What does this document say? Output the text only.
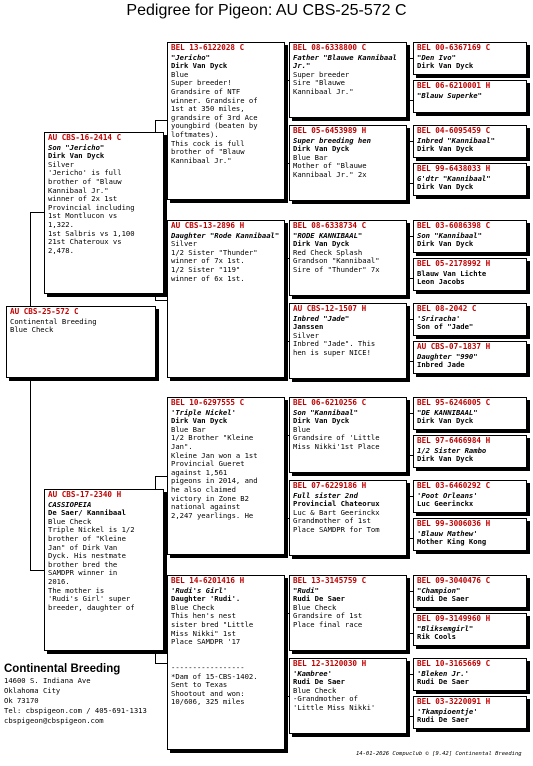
Pedigree for Pigeon: AU CBS-25-572 C
AU CBS-25-572 C
Continental Breeding
Blue Check
AU CBS-16-2414 C
Son "Jericho"
Dirk Van Dyck
Silver
'Jericho' is full
brother of "Blauw
Kannibaal Jr."
winner of 2x 1st
Provincial including
1st Montlucon vs
1,322.
1st Salbris vs 1,100
21st Chateroux vs
2,478.
AU CBS-17-2340 H
CASSIOPEIA
De Saer/ Kannibaal
Blue Check
Triple Nickel is 1/2
brother of "Kleine
Jan" of Dirk Van
Dyck. His nestmate
brother bred the
SAMDPR winner in
2016.
The mother is
'Rudi's Girl' super
breeder, daughter of
BEL 13-6122028 C
"Jericho"
Dirk Van Dyck
Blue
Super breeder!
Grandsire of NTF
winner. Grandsire of
1st at 350 miles,
grandsire of 3rd Ace
youngbird (beaten by
loftmates).
This cock is full
brother of "Blauw
Kannibaal Jr."
AU CBS-13-2896 H
Daughter "Rode Kannibaal"
Silver
1/2 Sister "Thunder"
winner of 7x 1st.
1/2 Sister "119"
winner of 6x 1st.
BEL 10-6297555 C
'Triple Nickel'
Dirk Van Dyck
Blue Bar
1/2 Brother "Kleine
Jan".
Kleine Jan won a 1st
Provincial Gueret
against 1,561
pigeons in 2014, and
he also claimed
victory in Zone B2
national against
2,247 yearlings. He
BEL 14-6201416 H
'Rudi's Girl'
Daughter 'Rudi'.
Blue Check
This hen's nest
sister bred "Little
Miss Nikki" 1st
Place SAMDPR '17

-----------------
*Dam of 15-CBS-1402.
Sent to Texas
Shootout and won:
10/606, 325 miles
BEL 08-6338800 C
Father "Blauwe Kannibaal Jr."
Super breeder
Sire "Blauwe
Kannibaal Jr."
BEL 05-6453989 H
Super breeding hen
Dirk Van Dyck
Blue Bar
Mother of "Blauwe
Kannibaal Jr." 2x
BEL 08-6338734 C
"RODE KANNIBAAL"
Dirk Van Dyck
Red Check Splash
Grandson "Kannibaal"
Sire of "Thunder" 7x
AU CBS-12-1507 H
Inbred "Jade"
Janssen
Silver
Inbred "Jade". This
hen is super NICE!
BEL 06-6210256 C
Son "Kannibaal"
Dirk Van Dyck
Blue
Grandsire of 'Little
Miss Nikki'1st Place
BEL 07-6229186 H
Full sister 2nd
Provincial Chateorux
Luc & Bart Geerinckx
Grandmother of 1st
Place SAMDPR for Tom
BEL 13-3145759 C
"Rudi"
Rudi De Saer
Blue Check
Grandsire of 1st
Place final race
BEL 12-3120030 H
'Kambree'
Rudi De Saer
Blue Check
-Grandmother of
'Little Miss Nikki'
BEL 00-6367169 C
"Den Ivo"
Dirk Van Dyck
BEL 06-6210001 H
"Blauw Superke"
BEL 04-6095459 C
Inbred "Kannibaal"
Dirk Van Dyck
BEL 99-6438033 H
G'dtr "Kannibaal"
Dirk Van Dyck
BEL 03-6086398 C
Son "Kannibaal"
Dirk Van Dyck
BEL 05-2178992 H
Blauw Van Lichte
Leon Jacobs
BEL 08-2042 C
'Sriracha'
Son of "Jade"
AU CBS-07-1837 H
Daughter "990"
Inbred Jade
BEL 95-6246005 C
"DE KANNIBAAL"
Dirk Van Dyck
BEL 97-6466984 H
1/2 Sister Rambo
Dirk Van Dyck
BEL 03-6460292 C
'Poot Orleans'
Luc Geerinckx
BEL 99-3006036 H
'Blauw Mathew'
Mother King Kong
BEL 09-3040476 C
"Champion"
Rudi De Saer
BEL 09-3149960 H
"Bliksemgirl"
Rik Cools
BEL 10-3165669 C
'Bleken Jr.'
Rudi De Saer
BEL 03-3220091 H
'Tkampioentje'
Rudi De Saer
Continental Breeding
14600 S. Indiana Ave
Oklahoma City
Ok 73170
Tel: cbspigeon.com / 405-691-1313
cbspigeon@cbspigeon.com
14-01-2026 Compuclub © [9.42] Continental Breeding
